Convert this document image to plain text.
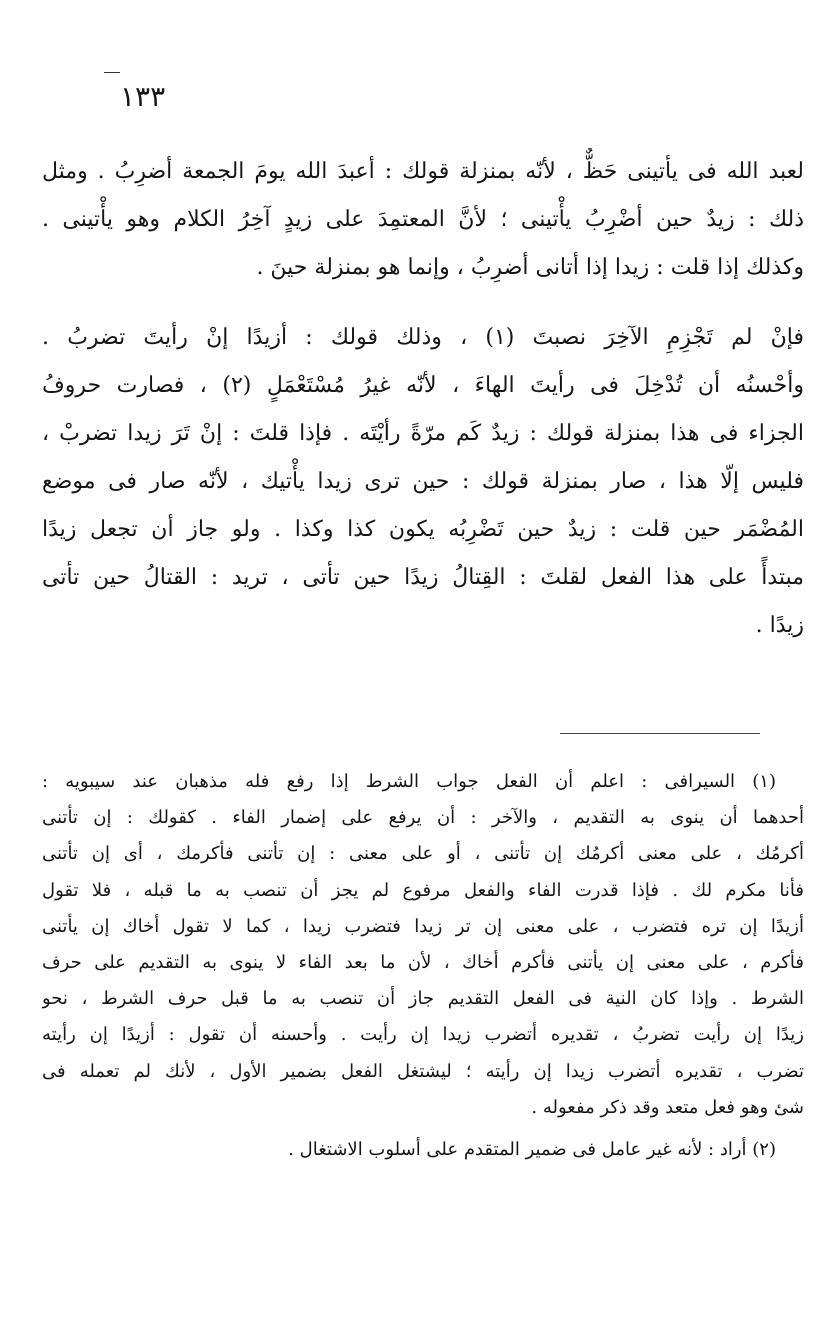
١٣٣
لعبد الله فى يأتينى حَظٌّ ، لأنّه بمنزلة قولك : أعبدَ الله يومَ الجمعة أضرِبُ . ومثل
ذلك : زيدٌ حين أضْرِبُ يأْتينى ؛ لأنَّ المعتمِدَ على زيدٍ آخِرُ الكلام وهو يأْتينى .
وكذلك إذا قلت : زيدا إذا أتانى أضرِبُ ، وإنما هو بمنزلة حينَ .
فإنْ لم تَجْزِمِ الآخِرَ نصبتَ (١) ، وذلك قولك : أزيدًا إنْ رأيتَ تضربُ .
وأحْسنُه أن تُدْخِلَ فى رأيتَ الهاءَ ، لأنّه غيرُ مُسْتَعْمَلٍ (٢) ، فصارت حروفُ
الجزاء فى هذا بمنزلة قولك : زيدٌ كَم مرّةً رأيْتَه . فإذا قلتَ : إنْ تَرَ زيدا تضربْ ،
فليس إلّا هذا ، صار بمنزلة قولك : حين ترى زيدا يأْتيك ، لأنّه صار فى موضع
المُضْمَر حين قلت : زيدٌ حين تَضْرِبُه يكون كذا وكذا . ولو جاز أن تجعل زيدًا
مبتدأً على هذا الفعل لقلتَ : القِتالُ زيدًا حين تأتى ، تريد : القتالُ حين تأتى
زيدًا .
(١) السيرافى : اعلم أن الفعل جواب الشرط إذا رفع فله مذهبان عند سيبويه :
أحدهما أن ينوى به التقديم ، والآخر : أن يرفع على إضمار الفاء . كقولك : إن تأتنى
أكرمُك ، على معنى أكرمُك إن تأتنى ، أو على معنى : إن تأتنى فأكرمك ، أى إن تأتنى
فأنا مكرم لك . فإذا قدرت الفاء والفعل مرفوع لم يجز أن تنصب به ما قبله ، فلا تقول
أزيدًا إن تره فتضرب ، على معنى إن تر زيدا فتضرب زيدا ، كما لا تقول أخاك إن يأتنى
فأكرم ، على معنى إن يأتنى فأكرم أخاك ، لأن ما بعد الفاء لا ينوى به التقديم على حرف
الشرط . وإذا كان النية فى الفعل التقديم جاز أن تنصب به ما قبل حرف الشرط ، نحو
زيدًا إن رأيت تضربُ ، تقديره أتضرب زيدا إن رأيت . وأحسنه أن تقول : أزيدًا إن رأيته
تضرب ، تقديره أتضرب زيدا إن رأيته ؛ ليشتغل الفعل بضمير الأول ، لأنك لم تعمله فى
شئ وهو فعل متعد وقد ذكر مفعوله .
(٢) أراد : لأنه غير عامل فى ضمير المتقدم على أسلوب الاشتغال .
